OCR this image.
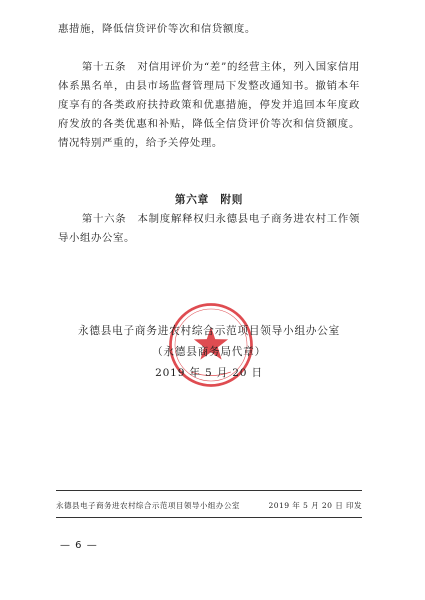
惠措施，降低信贷评价等次和信贷额度。

第十五条　对信用评价为“差”的经营主体，列入国家信用体系黑名单，由县市场监督管理局下发整改通知书。撤销本年度享有的各类政府扶持政策和优惠措施，停发并追回本年度政府发放的各类优惠和补贴，降低全信贷评价等次和信贷额度。情况特别严重的，给予关停处理。

第六章　附则

第十六条　本制度解释权归永德县电子商务进农村工作领导小组办公室。

永德县电子商务进农村综合示范项目领导小组办公室

（永德县商务局代章）

2019 年 5 月 20 日

永德县电子商务进农村综合示范项目领导小组办公室	2019 年 5 月 20 日 印发
— 6 —
